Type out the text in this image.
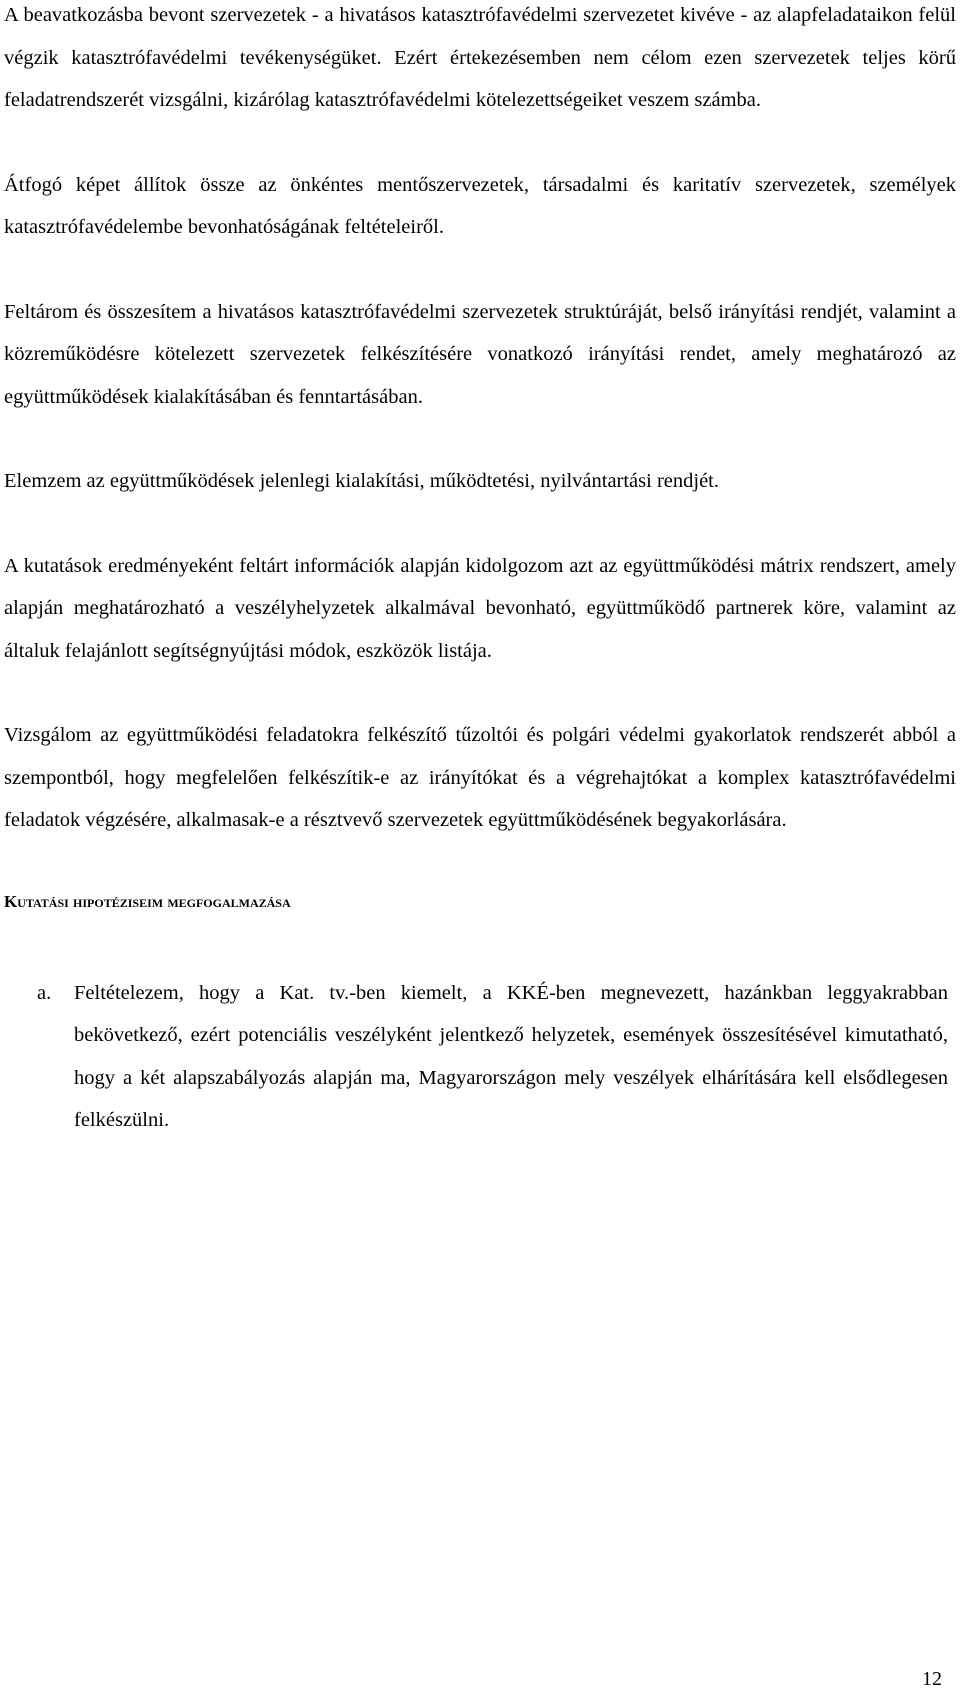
A beavatkozásba bevont szervezetek - a hivatásos katasztrófavédelmi szervezetet kivéve - az alapfeladataikon felül végzik katasztrófavédelmi tevékenységüket. Ezért értekezésemben nem célom ezen szervezetek teljes körű feladatrendszerét vizsgálni, kizárólag katasztrófavédelmi kötelezettségeiket veszem számba.

Átfogó képet állítok össze az önkéntes mentőszervezetek, társadalmi és karitatív szervezetek, személyek katasztrófavédelembe bevonhatóságának feltételeiről.

Feltárom és összesítem a hivatásos katasztrófavédelmi szervezetek struktúráját, belső irányítási rendjét, valamint a közreműködésre kötelezett szervezetek felkészítésére vonatkozó irányítási rendet, amely meghatározó az együttműködések kialakításában és fenntartásában.

Elemzem az együttműködések jelenlegi kialakítási, működtetési, nyilvántartási rendjét.

A kutatások eredményeként feltárt információk alapján kidolgozom azt az együttműködési mátrix rendszert, amely alapján meghatározható a veszélyhelyzetek alkalmával bevonható, együttműködő partnerek köre, valamint az általuk felajánlott segítségnyújtási módok, eszközök listája.

Vizsgálom az együttműködési feladatokra felkészítő tűzoltói és polgári védelmi gyakorlatok rendszerét abból a szempontból, hogy megfelelően felkészítik-e az irányítókat és a végrehajtókat a komplex katasztrófavédelmi feladatok végzésére, alkalmasak-e a résztvevő szervezetek együttműködésének begyakorlására.

Kutatási hipotéziseim megfogalmazása
a.	Feltételezem, hogy a Kat. tv.-ben kiemelt, a KKÉ-ben megnevezett, hazánkban leggyakrabban bekövetkező, ezért potenciális veszélyként jelentkező helyzetek, események összesítésével kimutatható, hogy a két alapszabályozás alapján ma, Magyarországon mely veszélyek elhárítására kell elsődlegesen felkészülni.
12
